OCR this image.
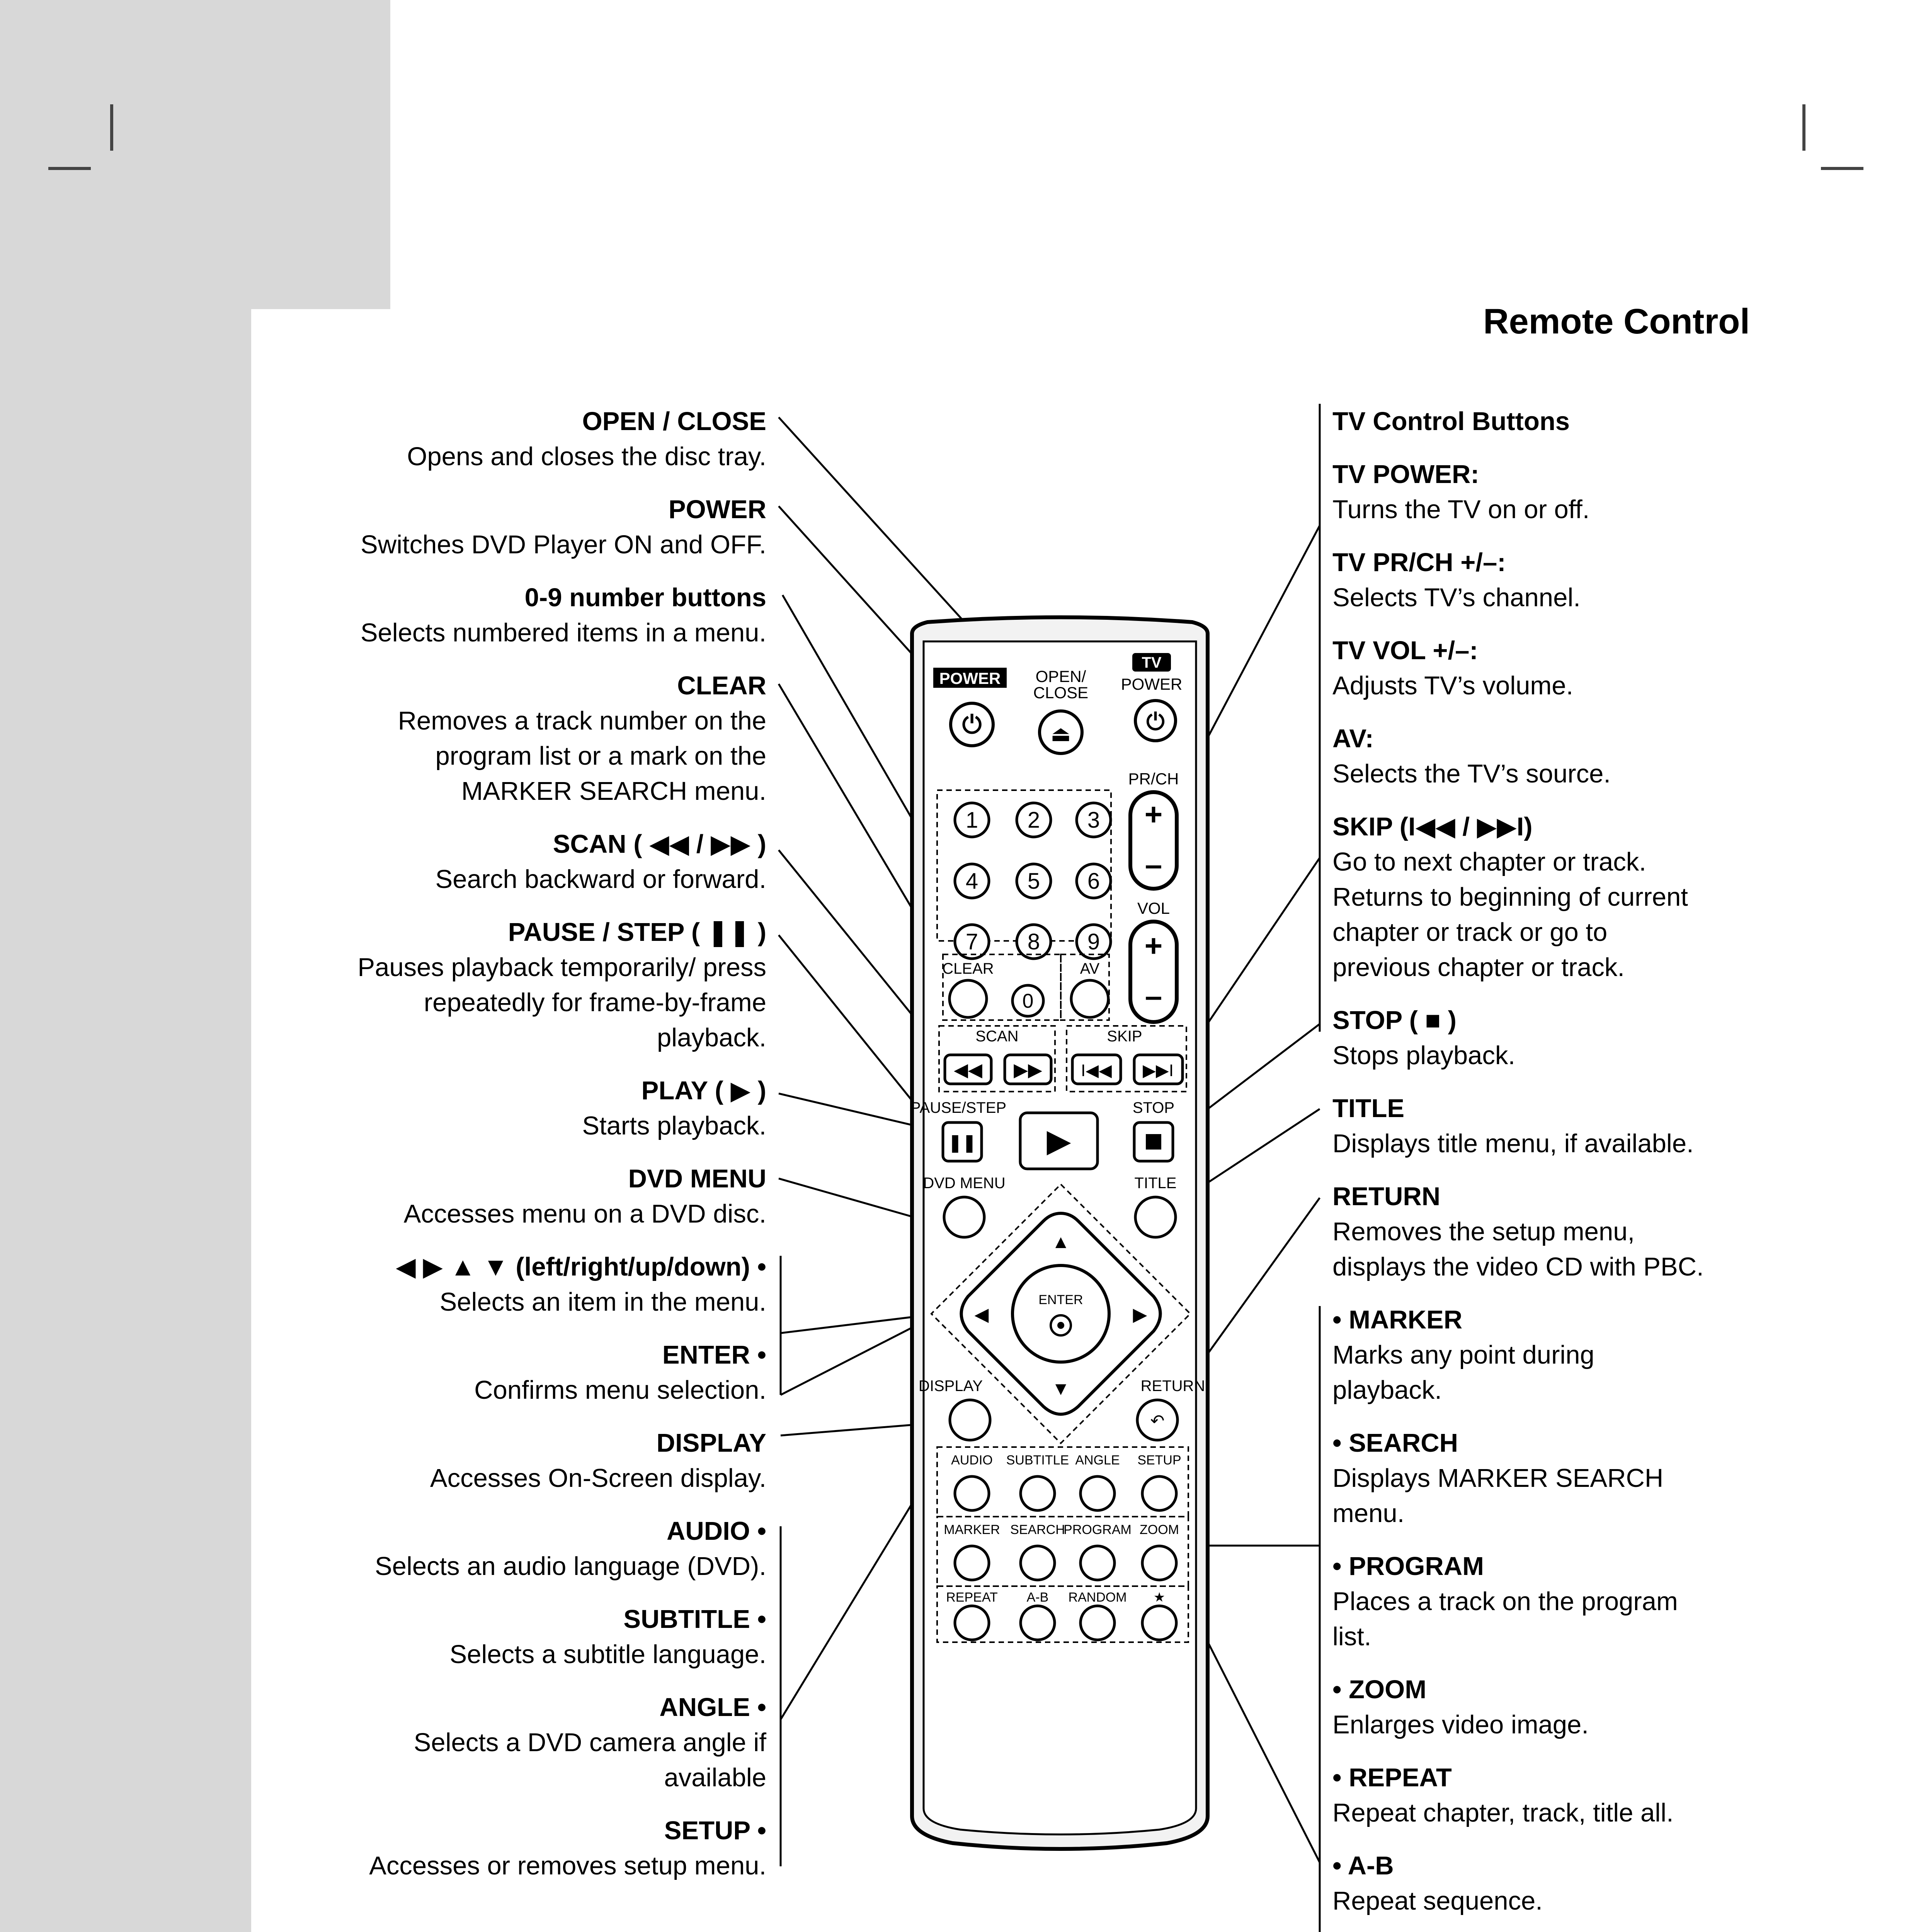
Remote Control
OPEN / CLOSE
Opens and closes the disc tray.
POWER
Switches DVD Player ON and OFF.
0-9 number buttons
Selects numbered items in a menu.
CLEAR
Removes a track number on the
program list or a mark on the
MARKER SEARCH menu.
SCAN ( ◀◀ / ▶▶ )
Search backward or forward.
PAUSE / STEP ( ❚❚ )
Pauses playback temporarily/ press
repeatedly for frame-by-frame
playback.
PLAY ( ▶ )
Starts playback.
DVD MENU
Accesses menu on a DVD disc.
◀ ▶ ▲ ▼ (left/right/up/down) •
Selects an item in the menu.
ENTER •
Confirms menu selection.
DISPLAY
Accesses On-Screen display.
AUDIO •
Selects an audio language (DVD).
SUBTITLE •
Selects a subtitle language.
ANGLE •
Selects a DVD camera angle if
available
SETUP •
Accesses or removes setup menu.
TV Control Buttons
TV POWER:
Turns the TV on or off.
TV PR/CH +/–:
Selects TV’s channel.
TV VOL +/–:
Adjusts TV’s volume.
AV:
Selects the TV’s source.
SKIP (I◀◀ / ▶▶I)
Go to next chapter or track.
Returns to beginning of current
chapter or track or go to
previous chapter or track.
STOP ( ■ )
Stops playback.
TITLE
Displays title menu, if available.
RETURN
Removes the setup menu,
displays the video CD with PBC.
• MARKER
Marks any point during
playback.
• SEARCH
Displays MARKER SEARCH
menu.
• PROGRAM
Places a track on the program
list.
• ZOOM
Enlarges video image.
• REPEAT
Repeat chapter, track, title all.
• A-B
Repeat sequence.
POWER
⏻
OPEN/
CLOSE
⏏
TV
POWER
⏻
1 2 3
4 5 6
7 8 9
PR/CH
+
–
VOL
+
–
CLEAR
0
AV
SCAN	SKIP
◀◀ ▶▶ I◀◀ ▶▶I
PAUSE/STEP
❚❚ ▶
STOP
DVD MENU	TITLE
▲
▼
◀	▶
ENTER
DISPLAY	RETURN
↶
AUDIO SUBTITLE ANGLE SETUP
MARKER SEARCH
PROGRAM ZOOM
REPEAT A-B RANDOM ★
